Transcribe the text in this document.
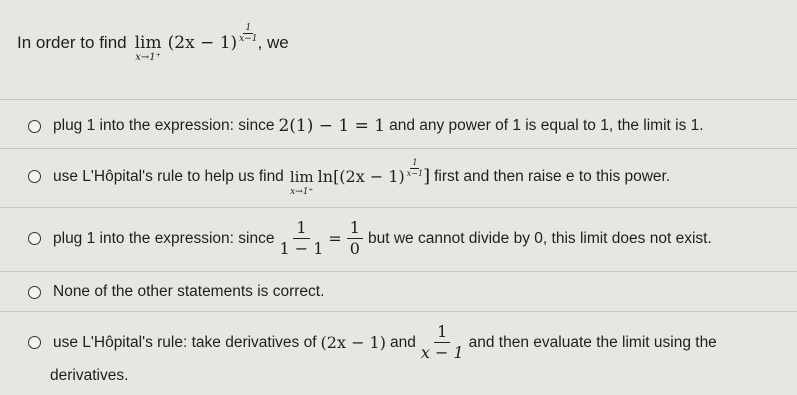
In order to find lim
x→1⁺
$(2x - 1) \frac{1}{x-1}$ , we
plug 1 into the expression: since 2(1) − 1 = 1 and any power of 1 is equal to 1, the limit is 1.
use L'Hôpital's rule to help us find lim
x→1⁺
$\ln[(2x - 1) \frac{1}{x-1}$ ] first and then raise e to this power.
plug 1 into the expression: since $\frac{1}{1 - 1} = \frac{1}{0}$ but we cannot divide by 0, this limit does not exist.
None of the other statements is correct.
use L'Hôpital's rule: take derivatives of (2x − 1) and $\frac{1}{x - 1}$ and then evaluate the limit using the
derivatives.
